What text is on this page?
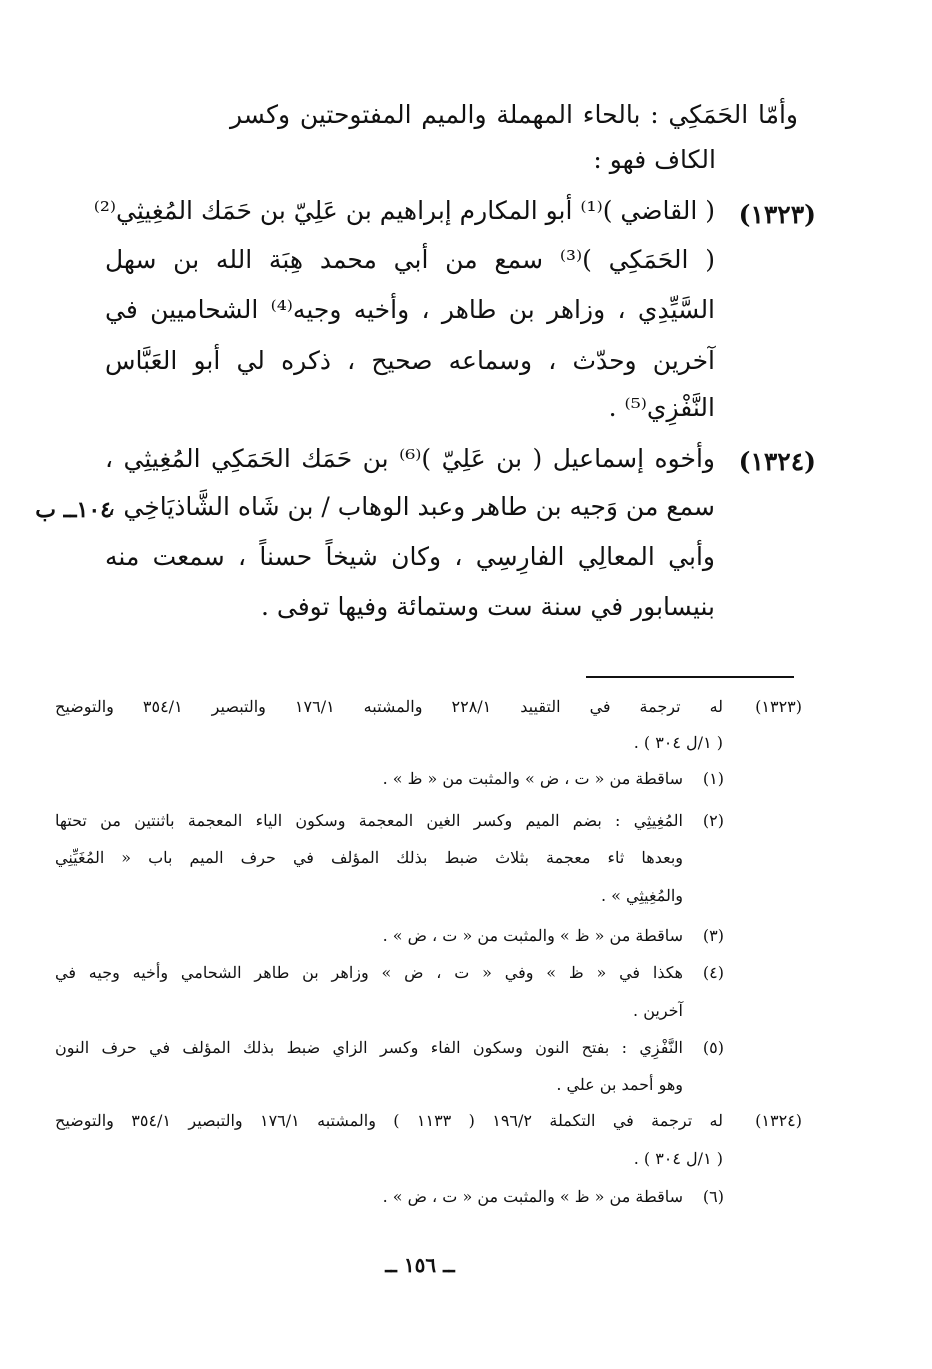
وأمّا الحَمَكِي : بالحاء المهملة والميم المفتوحتين وكسر
الكاف فهو :
(١٣٢٣)
( القاضي )⁽¹⁾ أبو المكارم إبراهيم بن عَلِيّ بن حَمَك المُغِيثِي⁽²⁾
( الحَمَكِي )⁽³⁾ سمع من أبي محمد هِبَة الله بن سهل
السَّيِّدِي ، وزاهر بن طاهر ، وأخيه وجيه⁽⁴⁾ الشحاميين في
آخرين وحدّث ، وسماعه صحيح ، ذكره لي أبو العَبَّاس
النَّفْزِي⁽⁵⁾ .
(١٣٢٤)
وأخوه إسماعيل ( بن عَلِيّ )⁽⁶⁾ بن حَمَك الحَمَكِي المُغِيثِي ،
١٠٤ــ ب
سمع من وَجيه بن طاهر وعبد الوهاب / بن شَاه الشَّاذيَاخِي ،
وأبي المعالِي الفارِسِي ، وكان شيخاً حسناً ، سمعت منه
بنيسابور في سنة ست وستمائة وفيها توفى .
(١٣٢٣)
له ترجمة في التقييد ٢٢٨/١ والمشتبه ١٧٦/١ والتبصير ٣٥٤/١ والتوضيح
( ١/ل ٣٠٤ ) .
(١)
ساقطة من « ت ، ض » والمثبت من « ظ » .
(٢)
المُغِيثِي : بضم الميم وكسر الغين المعجمة وسكون الياء المعجمة باثنتين من تحتها
وبعدها ثاء معجمة بثلاث ضبط بذلك المؤلف في حرف الميم باب « المُغَيِّنِي
والمُغِيثِي » .
(٣)
ساقطة من « ظ » والمثبت من « ت ، ض » .
(٤)
هكذا في « ظ » وفي « ت ، ض » وزاهر بن طاهر الشحامي وأخيه وجيه في
آخرين .
(٥)
النَّفْزِي : بفتح النون وسكون الفاء وكسر الزاي ضبط بذلك المؤلف في حرف النون
وهو أحمد بن علي .
(١٣٢٤)
له ترجمة في التكملة ١٩٦/٢ ( ١١٣٣ ) والمشتبه ١٧٦/١ والتبصير ٣٥٤/١ والتوضيح
( ١/ل ٣٠٤ ) .
(٦)
ساقطة من « ظ » والمثبت من « ت ، ض » .
ــ ١٥٦ ــ
